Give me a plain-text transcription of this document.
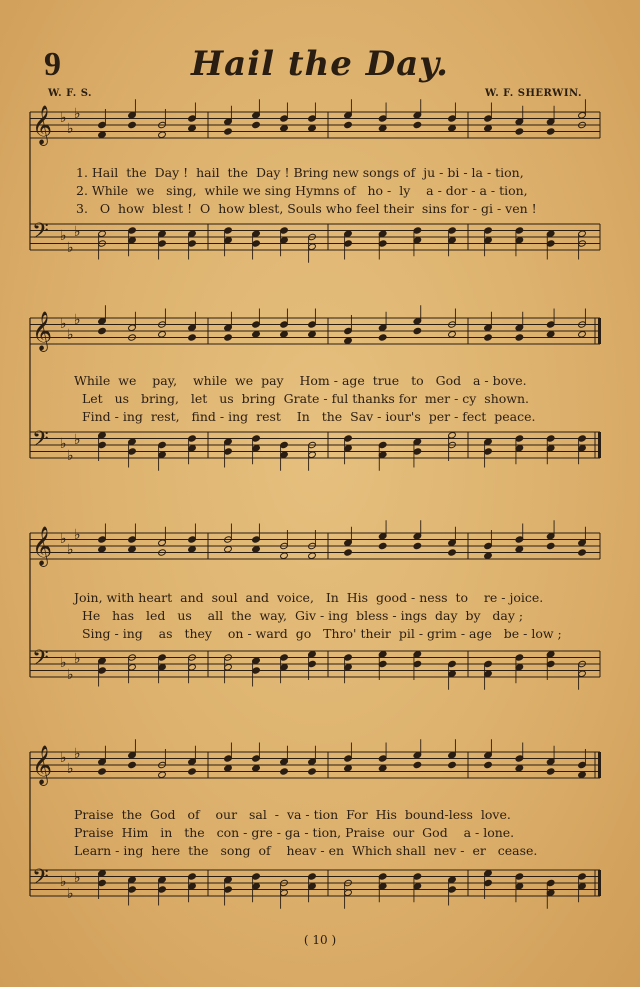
9	Hail the Day.
W. F. S.	W. F. SHERWIN.
𝄞 ♭
♭
♭
𝄢 ♭
♭
♭
1. Hail  the  Day !  hail  the  Day ! Bring new songs of  ju - bi - la - tion,
2. While  we   sing,  while we sing Hymns of   ho -  ly    a - dor - a - tion,
3.   O  how  blest !  O  how blest, Souls who feel their  sins for - gi - ven !
𝄞 ♭
♭
♭
𝄢 ♭
♭
♭
While  we    pay,    while  we  pay    Hom - age  true   to   God   a - bove.
Let   us   bring,   let   us  bring  Grate - ful thanks for  mer - cy  shown.
Find - ing  rest,   find - ing  rest    In   the  Sav - iour's  per - fect  peace.
𝄞 ♭
♭
♭
𝄢 ♭
♭
♭
Join, with heart  and  soul  and  voice,   In  His  good - ness  to    re - joice.
He   has   led   us    all  the  way,  Giv - ing  bless - ings  day  by   day ;
Sing - ing    as   they    on - ward  go   Thro' their  pil - grim - age   be - low ;
𝄞 ♭
♭
♭
𝄢 ♭
♭
♭
Praise  the  God   of    our   sal  -  va - tion  For  His  bound-less  love.
Praise  Him   in   the   con - gre - ga - tion, Praise  our  God    a - lone.
Learn - ing  here  the   song  of    heav - en  Which shall  nev -  er   cease.
( 10 )
